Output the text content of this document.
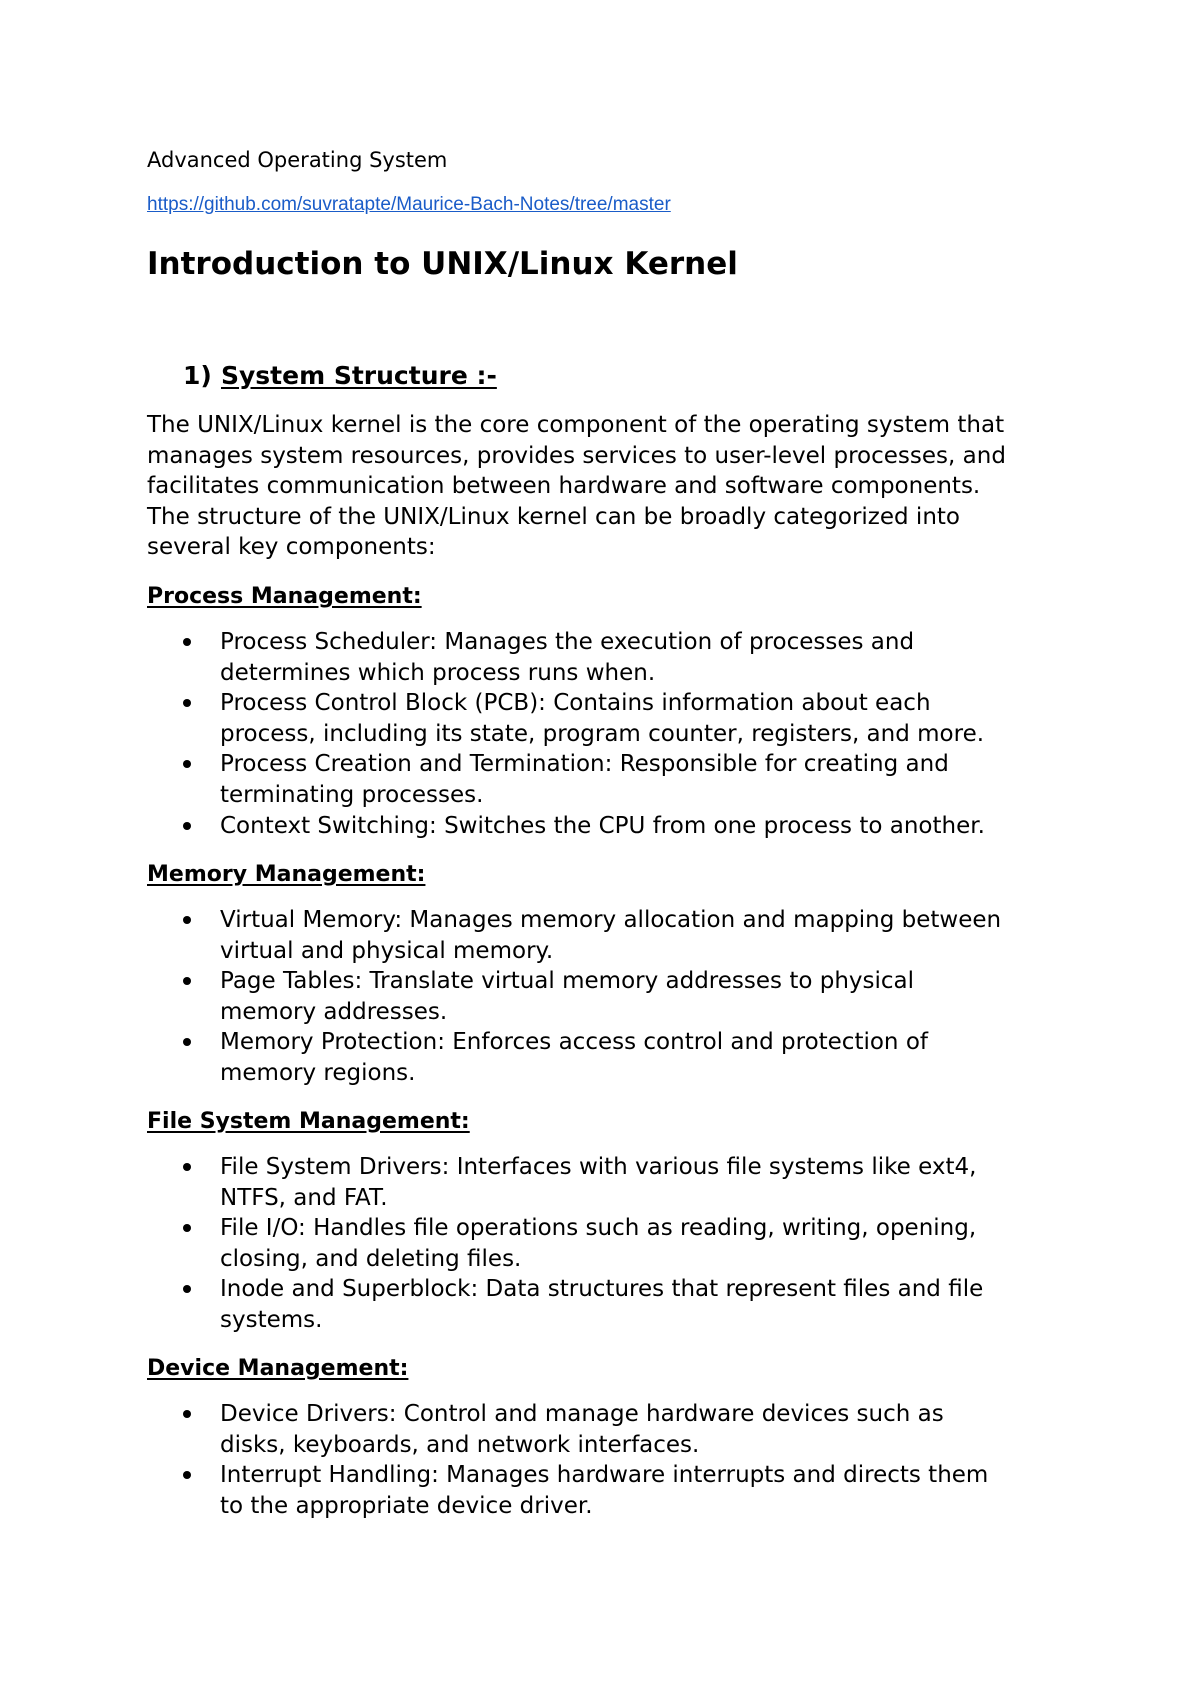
Advanced Operating System
https://github.com/suvratapte/Maurice-Bach-Notes/tree/master
Introduction to UNIX/Linux Kernel
1) System Structure :-

The UNIX/Linux kernel is the core component of the operating system that
manages system resources, provides services to user-level processes, and
facilitates communication between hardware and software components.
The structure of the UNIX/Linux kernel can be broadly categorized into
several key components:

Process Management:
Process Scheduler: Manages the execution of processes and
determines which process runs when.
Process Control Block (PCB): Contains information about each
process, including its state, program counter, registers, and more.
Process Creation and Termination: Responsible for creating and
terminating processes.
Context Switching: Switches the CPU from one process to another.
Memory Management:
Virtual Memory: Manages memory allocation and mapping between
virtual and physical memory.
Page Tables: Translate virtual memory addresses to physical
memory addresses.
Memory Protection: Enforces access control and protection of
memory regions.
File System Management:
File System Drivers: Interfaces with various file systems like ext4,
NTFS, and FAT.
File I/O: Handles file operations such as reading, writing, opening,
closing, and deleting files.
Inode and Superblock: Data structures that represent files and file
systems.
Device Management:
Device Drivers: Control and manage hardware devices such as
disks, keyboards, and network interfaces.
Interrupt Handling: Manages hardware interrupts and directs them
to the appropriate device driver.
